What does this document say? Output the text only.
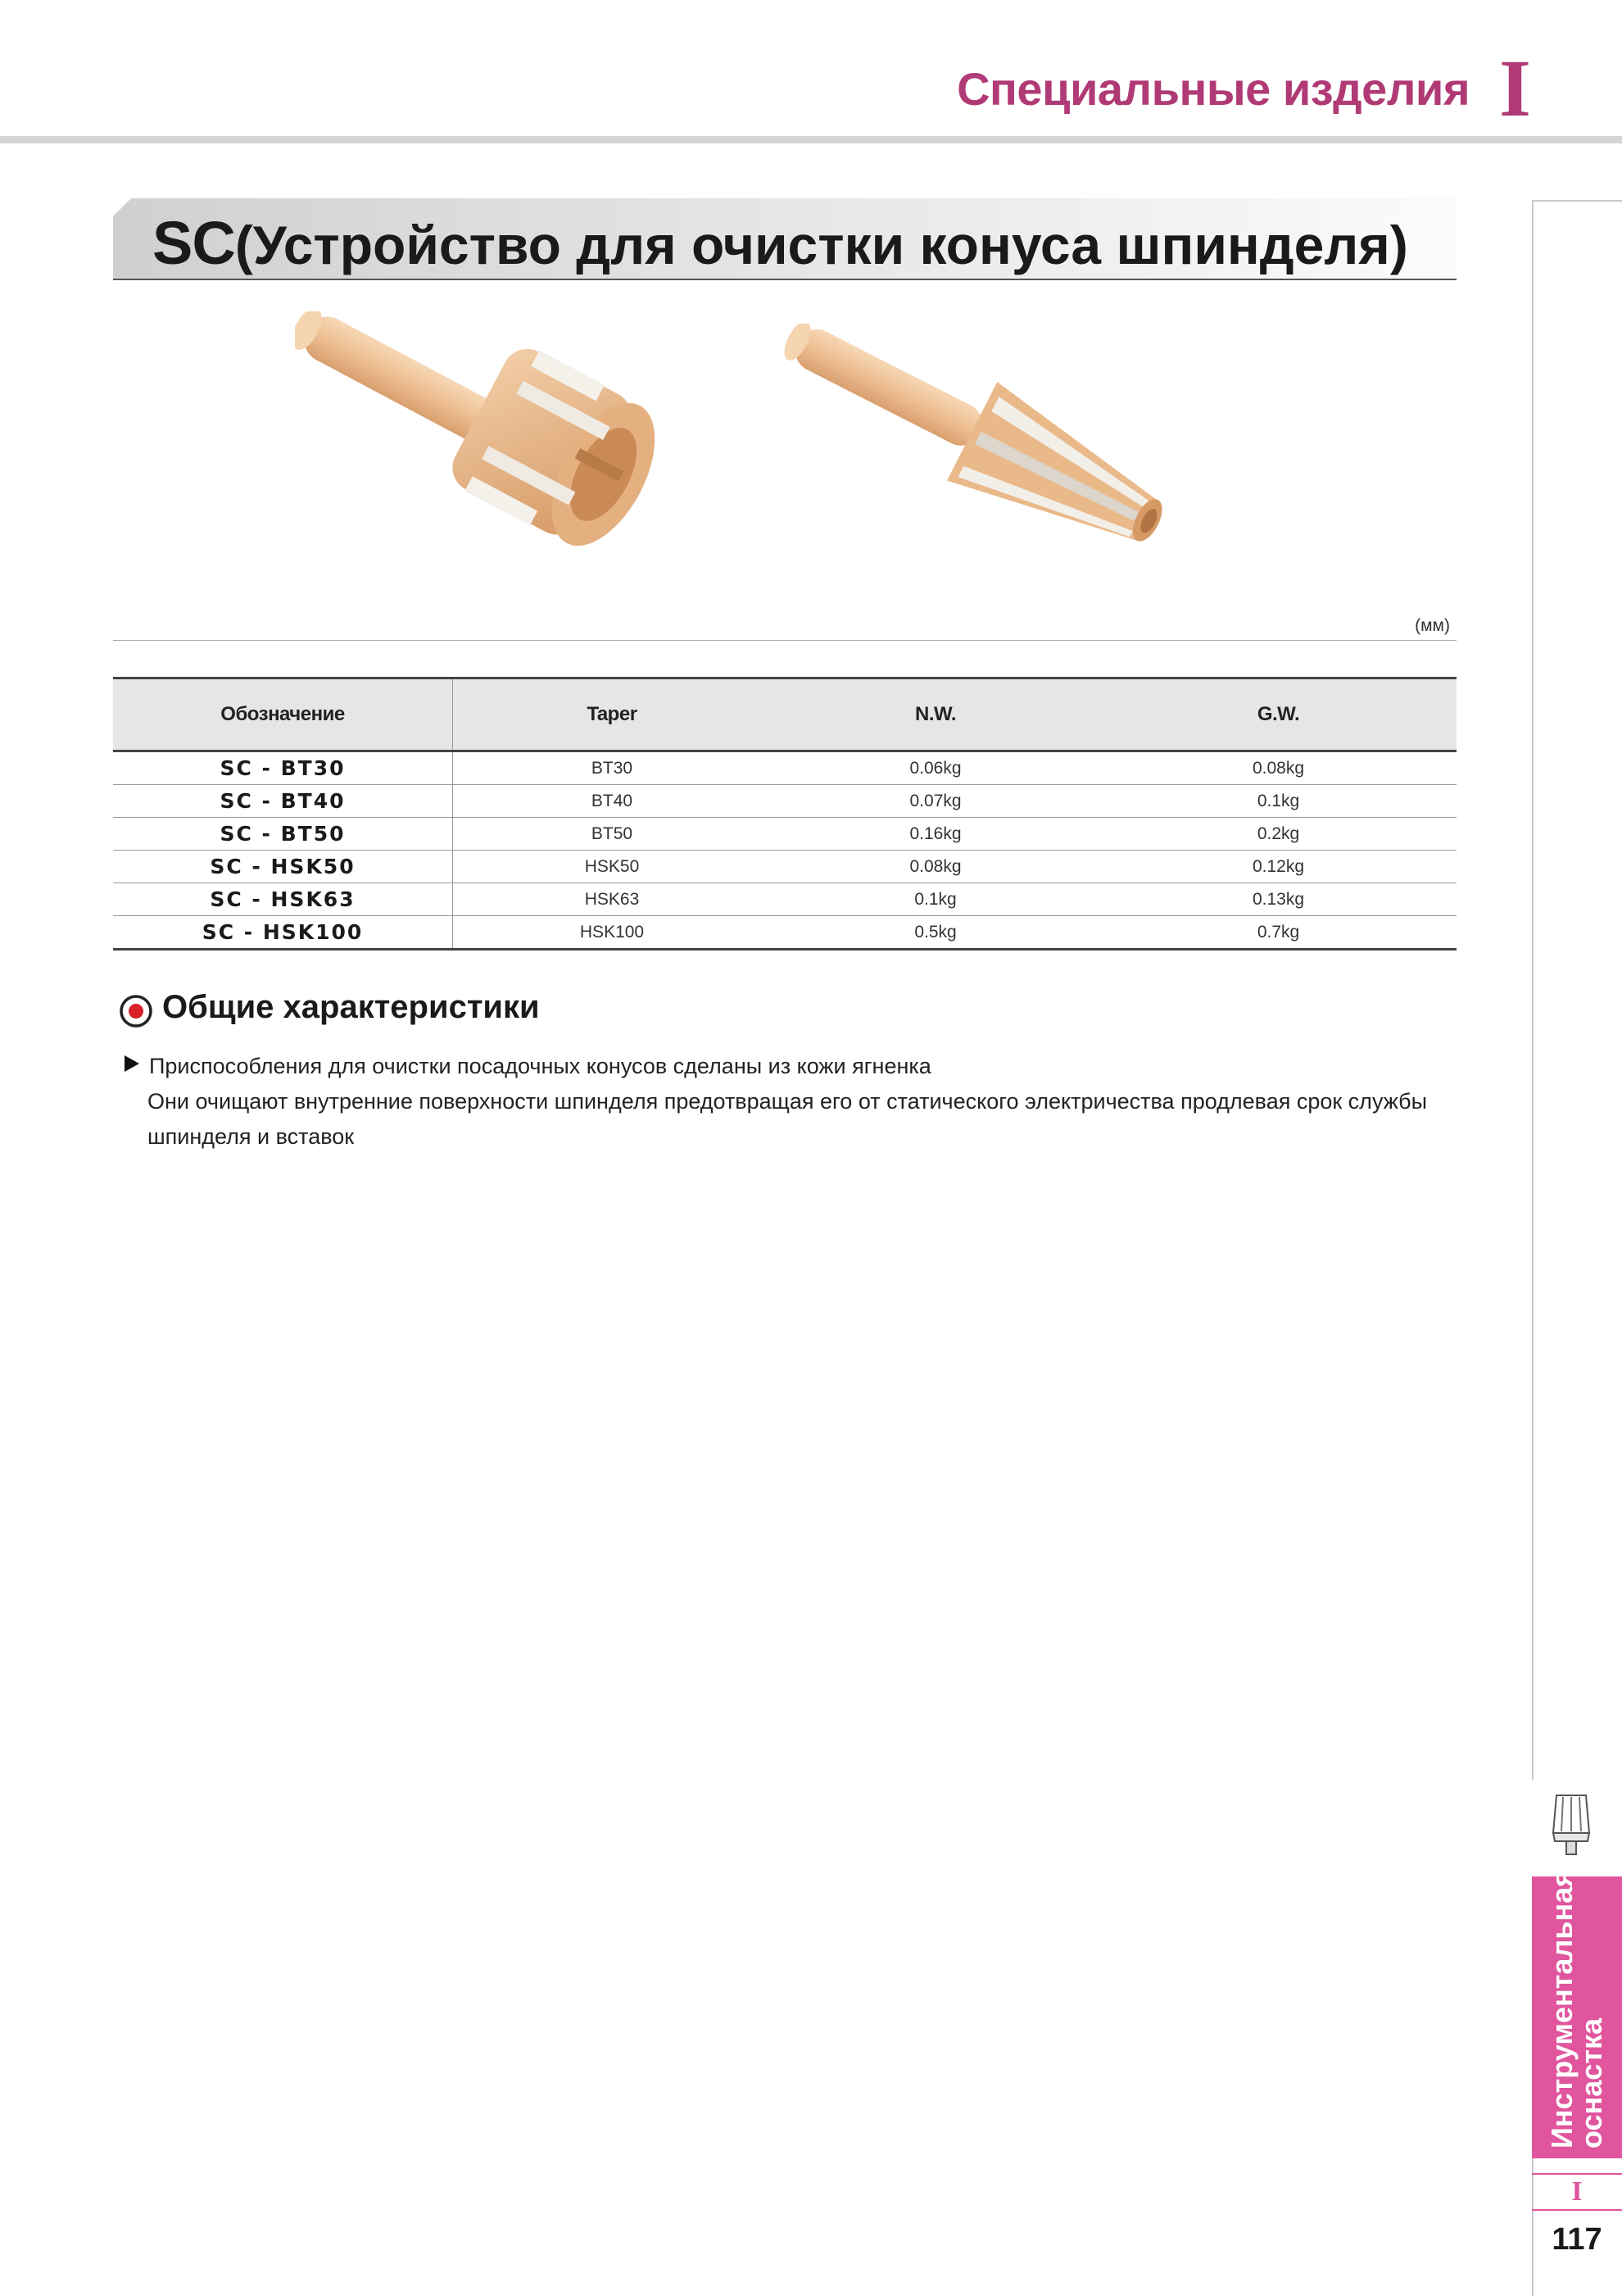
Специальные изделия I
SC(Устройство для очистки конуса шпинделя)
(мм)
Обозначение	Taper	N.W.	G.W.
SC - BT30	BT30	0.06kg	0.08kg
SC - BT40	BT40	0.07kg	0.1kg
SC - BT50	BT50	0.16kg	0.2kg
SC - HSK50	HSK50	0.08kg	0.12kg
SC - HSK63	HSK63	0.1kg	0.13kg
SC - HSK100	HSK100	0.5kg	0.7kg
Общие характеристики

Приспособления для очистки посадочных конусов сделаны из кожи ягненка

Они очищают внутренние поверхности шпинделя предотвращая его от статического электричества продлевая срок службы шпинделя и вставок

Инструментальная
оснастка
I
117
